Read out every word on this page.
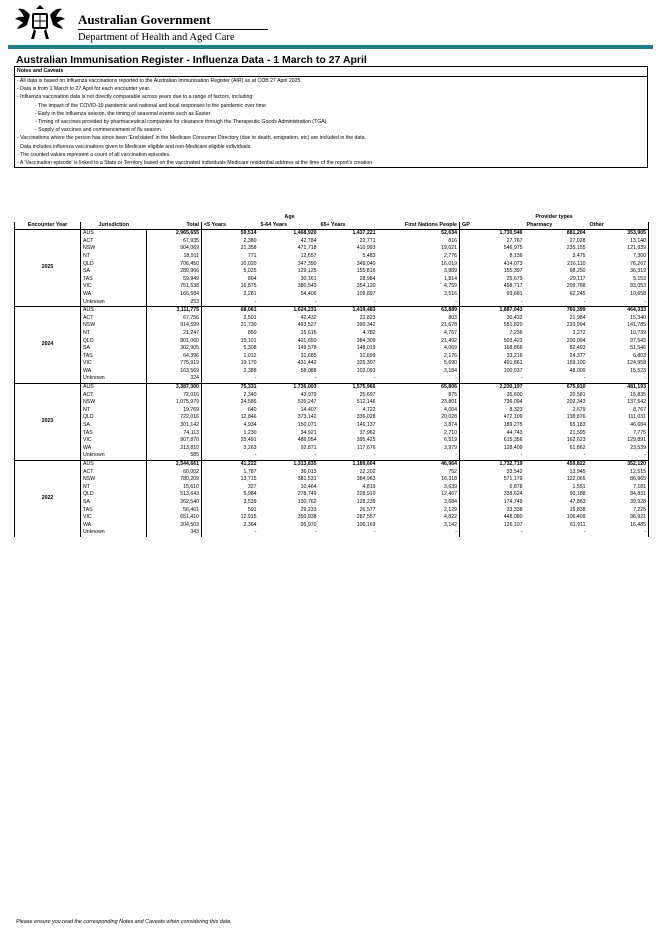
Australian Government
Department of Health and Aged Care
Australian Immunisation Register - Influenza Data - 1 March to 27 April
Notes and Caveats
- All data is based on influenza vaccinations reported to the Australian Immunisation Register (AIR) as at COB 27 April 2025.
- Data is from 1 March to 27 April for each encounter year.
- Influenza vaccination data is not directly comparable across years due to a range of factors, including:
- The impact of the COVID-19 pandemic and national and local responses to the pandemic over time
- Early in the influenza season, the timing of seasonal events such as Easter
- Timing of vaccines provided by pharmaceutical companies for clearance through the Therapeutic Goods Administration (TGA)
- Supply of vaccines and commencement of flu season.
- Vaccinations where the person has since been 'End dated' in the Medicare Consumer Directory (due to death, emigration, etc) are included in the data.
- Data includes influenza vaccinations given to Medicare eligible and non-Medicare eligible individuals.
- The counted values represent a count of all vaccination episodes.
- A 'Vaccination episode' is linked to a State or Territory based on the vaccinated individuals Medicare residential address at the time of the report's creation.
			Age				Provider types		
Encounter Year	Jurisdiction	Total	<5 Years	5-64 Years	65+ Years	First Nations People	GP	Pharmacy	Other
2025	AUS	2,965,655	59,514	1,468,920	1,437,221	52,634	1,730,546	881,204	353,905
	ACT	67,935	2,380	42,784	22,771	816	27,767	27,028	13,140
	NSW	904,069	21,358	471,718	410,993	19,021	546,975	235,155	121,939
	NT	18,911	771	12,657	5,483	2,776	8,136	3,475	7,300
	QLD	706,450	10,020	347,390	349,040	16,019	414,073	216,110	76,267
	SA	289,966	5,025	129,125	155,816	3,889	155,397	98,250	36,319
	TAS	59,949	804	30,161	28,984	1,814	25,679	29,117	5,153
	VIC	751,538	16,875	380,543	354,120	4,759	458,717	209,768	83,053
	WA	166,584	2,281	54,406	109,897	3,516	93,681	62,245	10,658
	Unknown	253	-	-	-	-	-	-	-
2024	AUS	3,111,775	68,061	1,624,231	1,419,483	63,889	1,887,043	760,399	464,333
	ACT	67,756	2,501	42,432	22,823	803	30,432	21,984	15,340
	NSW	914,599	21,730	493,527	399,342	21,678	551,820	220,994	141,785
	NT	21,247	850	15,615	4,782	4,767	7,236	3,272	10,739
	QLD	801,060	15,101	401,650	384,309	21,492	503,423	200,094	97,543
	SA	302,905	5,308	149,578	148,019	4,069	168,866	82,493	51,546
	TAS	64,396	1,012	31,685	31,699	2,176	33,216	24,377	6,803
	VIC	775,919	19,170	431,442	325,307	5,690	491,861	159,100	124,958
	WA	163,569	2,388	58,088	103,093	3,184	100,037	48,009	15,523
	Unknown	324	-	-	-	-	-	-	-
2023	AUS	3,387,300	75,331	1,736,003	1,575,966	65,806	2,230,197	675,910	481,193
	ACT	72,016	2,340	43,979	25,697	875	35,600	20,581	15,835
	NSW	1,075,979	24,586	539,247	512,146	23,801	736,094	202,343	137,542
	NT	19,769	640	14,407	4,722	4,004	8,323	2,679	8,767
	QLD	722,016	12,846	373,142	336,028	20,028	472,109	138,876	111,031
	SA	301,142	4,934	150,071	146,137	3,874	189,275	65,183	46,684
	TAS	74,113	1,230	34,921	37,962	2,710	44,743	21,595	7,775
	VIC	907,870	25,491	486,954	395,425	6,519	615,356	162,623	129,891
	WA	213,810	3,263	92,871	117,676	3,979	128,409	61,862	23,539
	Unknown	585	-	-	-	-	-	-	-
2022	AUS	2,544,661	41,222	1,313,835	1,189,604	46,964	1,732,719	459,822	352,120
	ACT	60,002	1,787	36,013	22,202	752	33,542	13,945	12,515
	NSW	780,209	13,715	381,531	384,963	16,318	571,179	122,065	86,965
	NT	15,610	327	10,464	4,819	3,639	6,878	1,551	7,181
	QLD	513,643	5,984	278,749	228,910	12,467	338,624	90,188	84,831
	SA	262,540	3,539	130,762	128,239	3,684	174,749	47,863	39,928
	TAS	56,401	591	29,233	26,577	2,129	33,338	15,838	7,225
	VIC	651,410	12,915	350,938	287,557	4,822	448,080	106,409	96,921
	WA	204,503	2,364	95,970	106,169	3,142	126,107	61,911	16,485
	Unknown	343	-	-	-	-	-	-	-
Please ensure you read the corresponding Notes and Caveats when considering this data.
